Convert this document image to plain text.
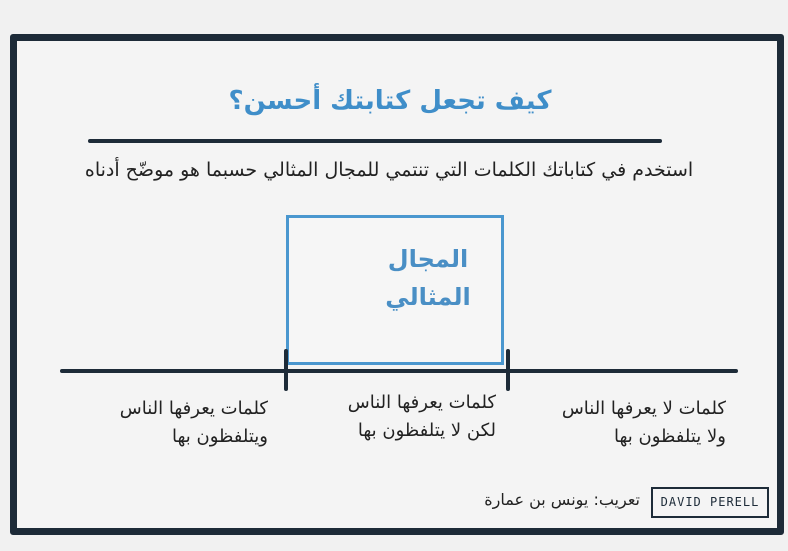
كيف تجعل كتابتك أحسن؟
استخدم في كتاباتك الكلمات التي تنتمي للمجال المثالي حسبما هو موضّح أدناه
المجال
المثالي
كلمات يعرفها الناس
ويتلفظون بها
كلمات يعرفها الناس
لكن لا يتلفظون بها
كلمات لا يعرفها الناس
ولا يتلفظون بها
تعريب: يونس بن عمارة	DAVID PERELL
